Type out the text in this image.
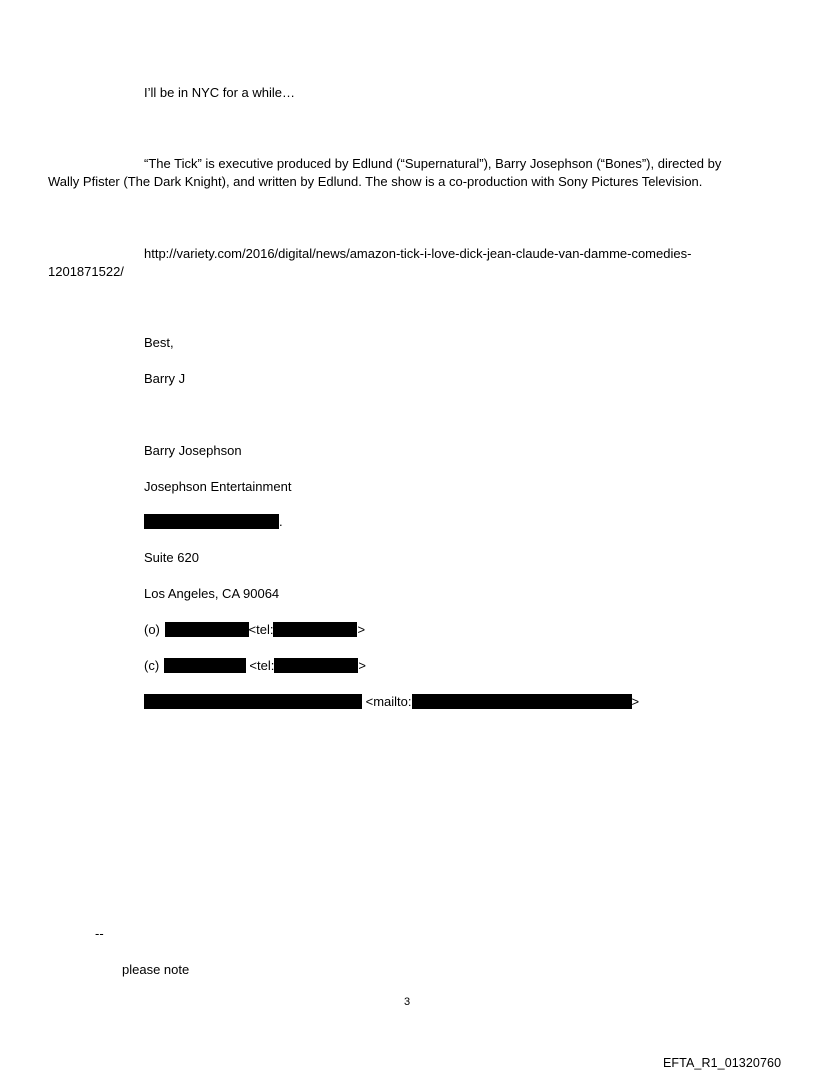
I’ll be in NYC for a while…
“The Tick” is executive produced by Edlund (“Supernatural”), Barry Josephson (“Bones”), directed by
Wally Pfister (The Dark Knight), and written by Edlund. The show is a co-production with Sony Pictures Television.
http://variety.com/2016/digital/news/amazon-tick-i-love-dick-jean-claude-van-damme-comedies-
1201871522/
Best,
Barry J
Barry Josephson
Josephson Entertainment
.
Suite 620
Los Angeles, CA 90064
(o)	<tel:	>
(c)	<tel:	>
<mailto:	>
--
please note
3
EFTA_R1_01320760
